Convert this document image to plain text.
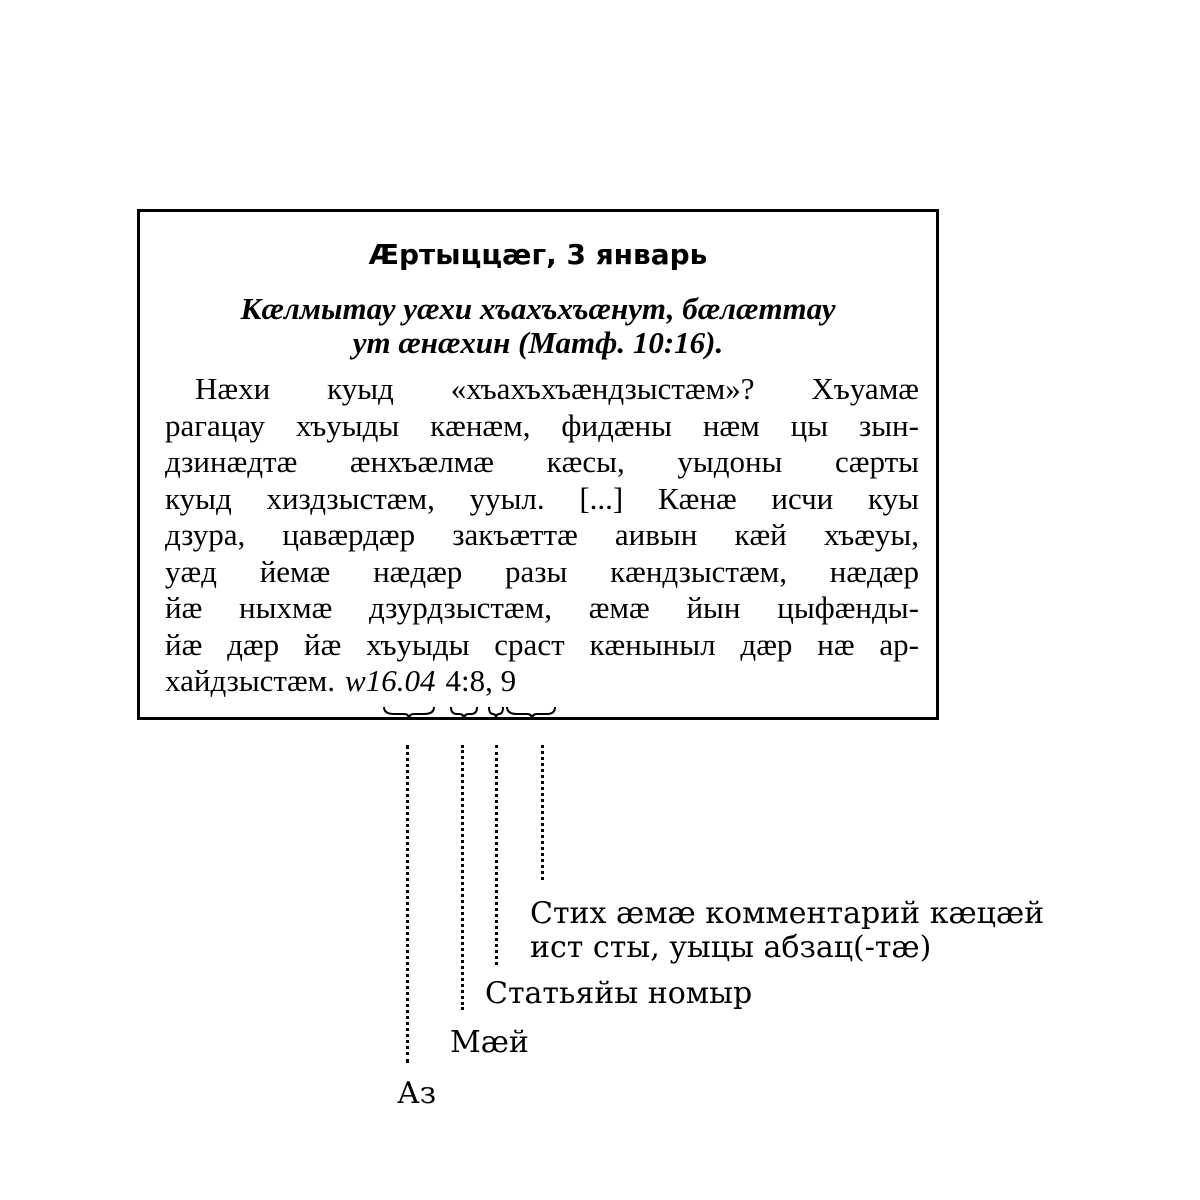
Ӕртыццæг, 3 январь
Кæлмытау уæхи хъахъхъæнут, бæлæттау
ут æнæхин (Матф. 10:16).
Нæхи куыд «хъахъхъæндзыстæм»? Хъуамæ
рагацау хъуыды кæнæм, фидæны нæм цы зын-
дзинæдтæ æнхъæлмæ кæсы, уыдоны сæрты
куыд хиздзыстæм, ууыл. [...] Кæнæ исчи куы
дзура, цавæрдæр закъæттæ аивын кæй хъæуы,
уæд йемæ нæдæр разы кæндзыстæм, нæдæр
йæ ныхмæ дзурдзыстæм, æмæ йын цыфæнды-
йæ дæр йæ хъуыды сраст кæныныл дæр нæ ар-
хайдзыстæм. w16.04 4:8, 9
Стих æмæ комментарий кæцæй
ист сты, уыцы абзац(-тæ)
Статьяйы номыр
Мæй
Аз
